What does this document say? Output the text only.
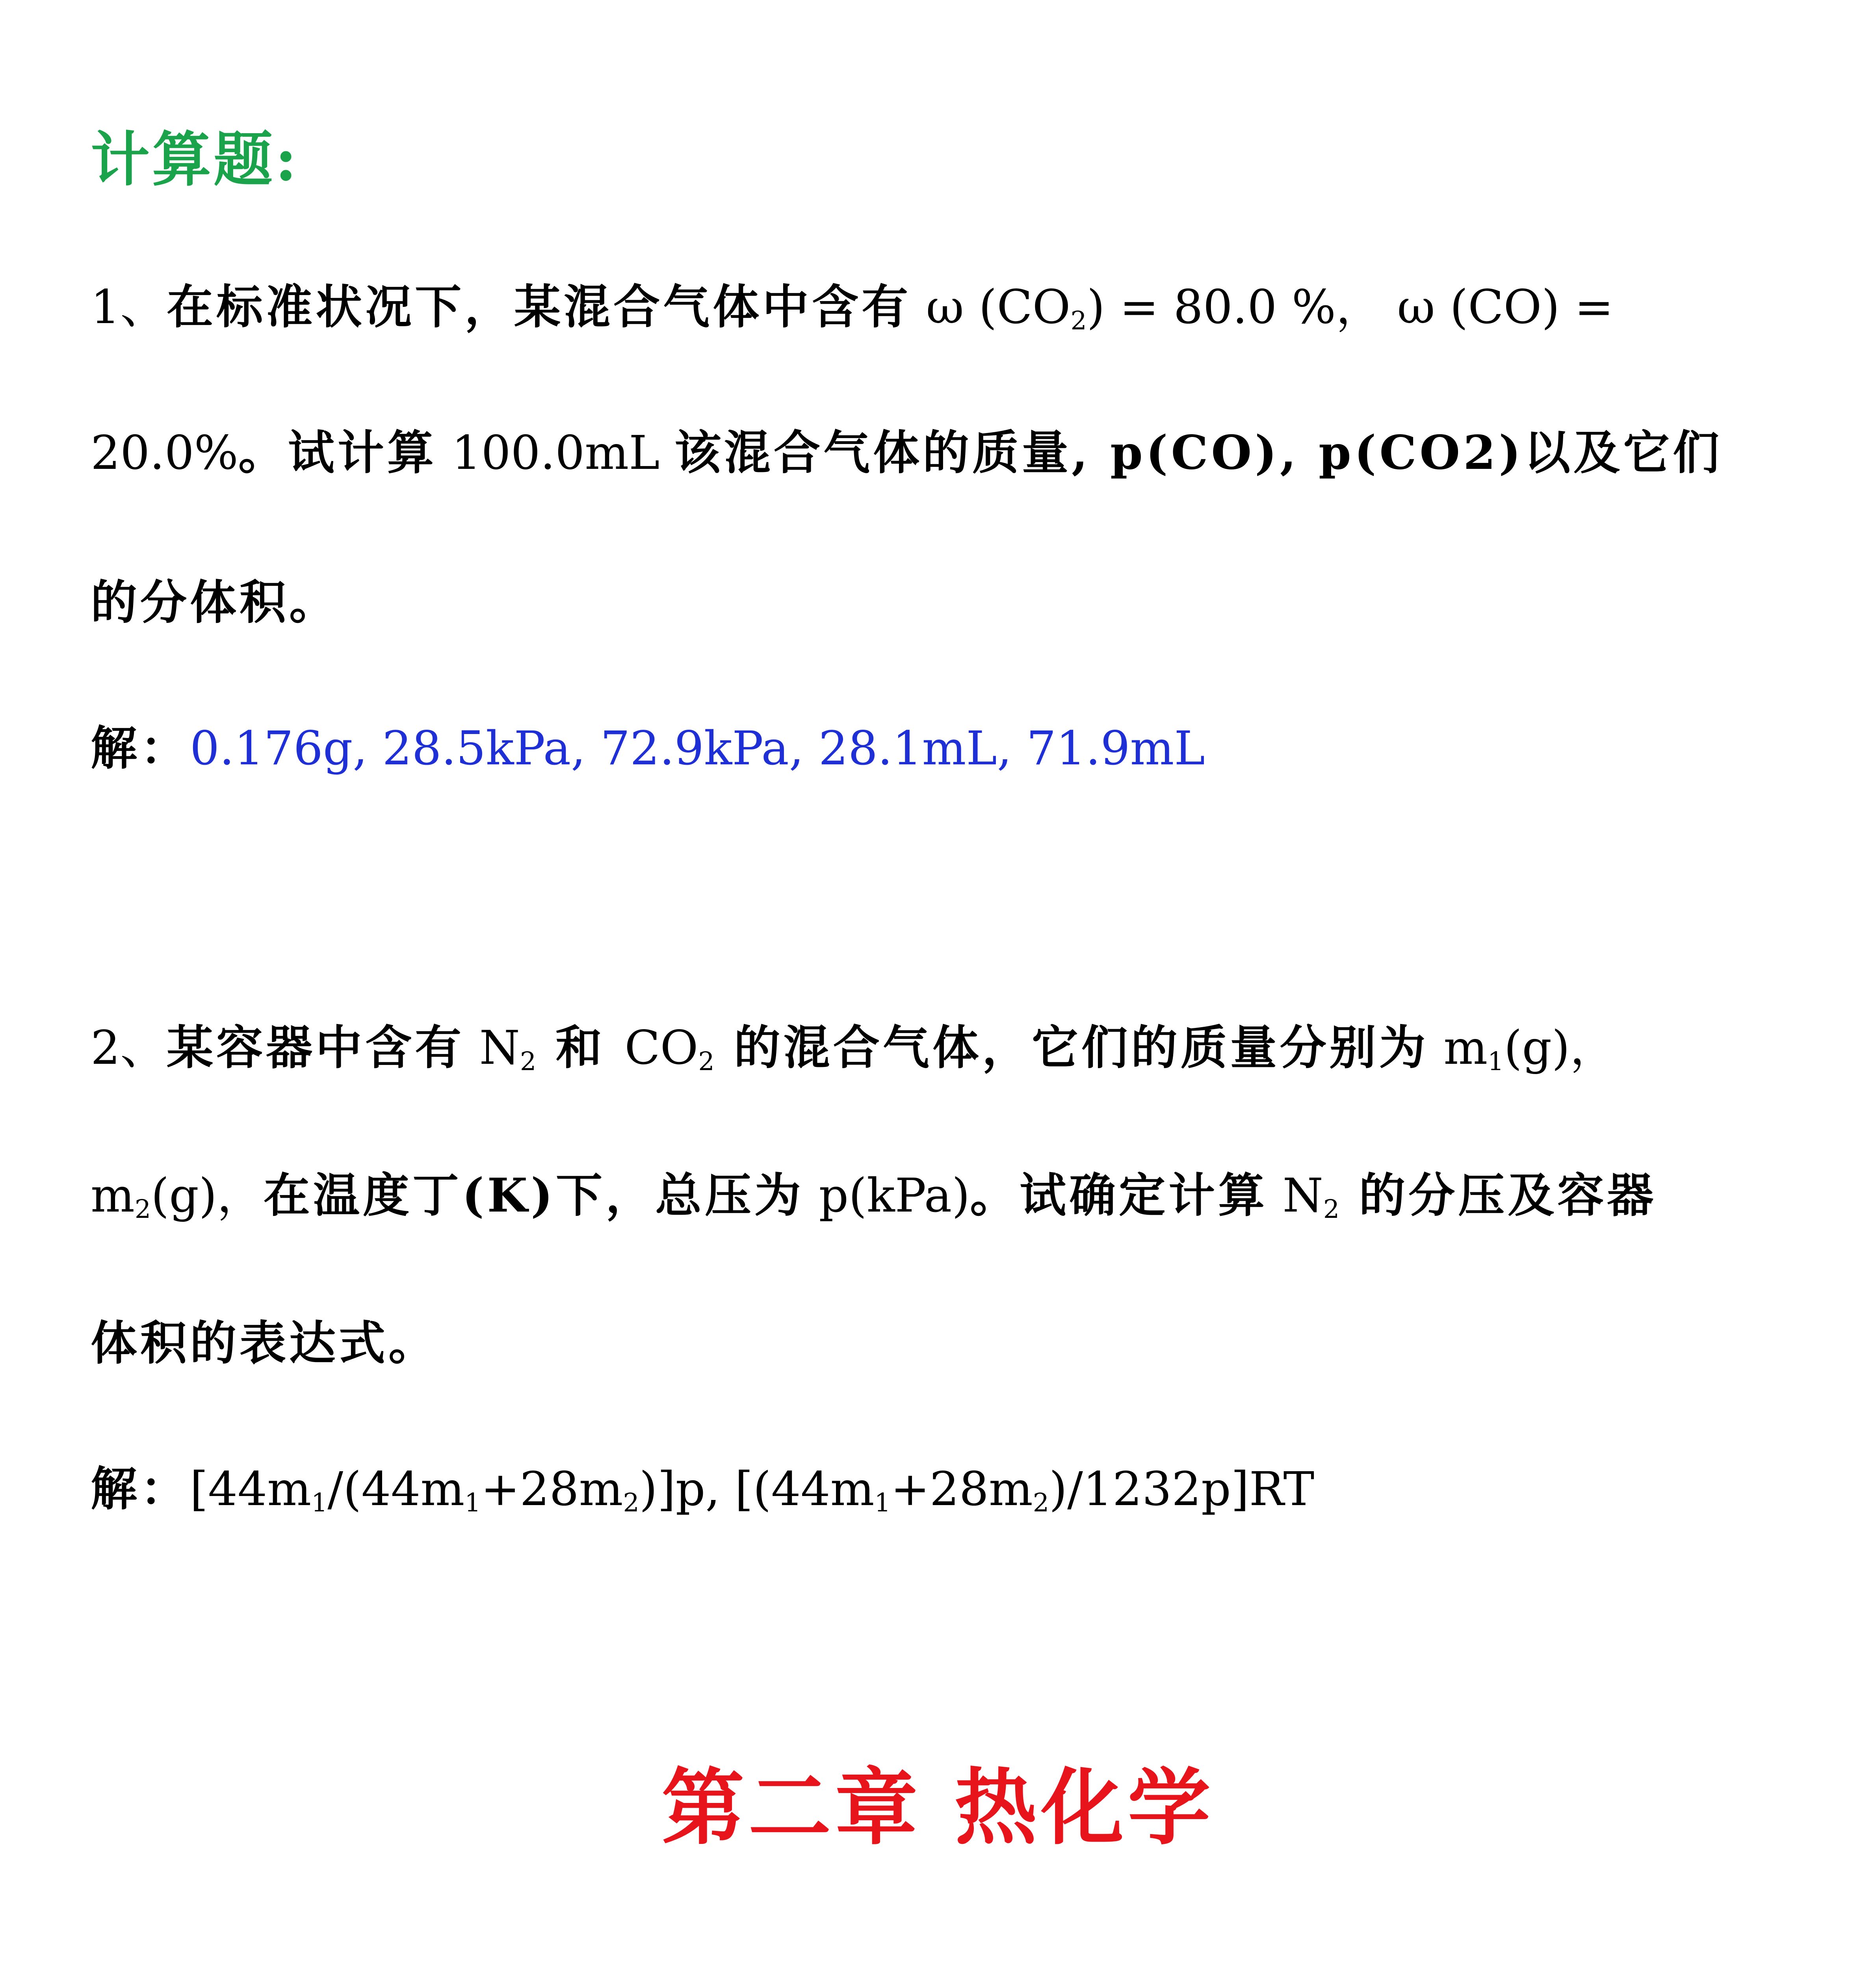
计算题:
1、在标准状况下，某混合气体中含有 ω $(CO_2) = 80.0$ %， ω (CO) =
20.0%。试计算 100.0mL 该混合气体的质量, p(CO), p(CO2)以及它们
的分体积。
解：0.176g, 28.5kPa, 72.9kPa, 28.1mL, 71.9mL
2、某容器中含有 $N_2$ 和 $CO_2$ 的混合气体，它们的质量分别为 $m_1(g)$，
$m_2(g)$，在温度丁(K)下，总压为 p(kPa)。试确定计算 $N_2$ 的分压及容器
体积的表达式。
解：$[44m_1/(44m_1+28m_2)]p$, $[(44m_1+28m_2)/1232p]RT$
第二章 热化学
